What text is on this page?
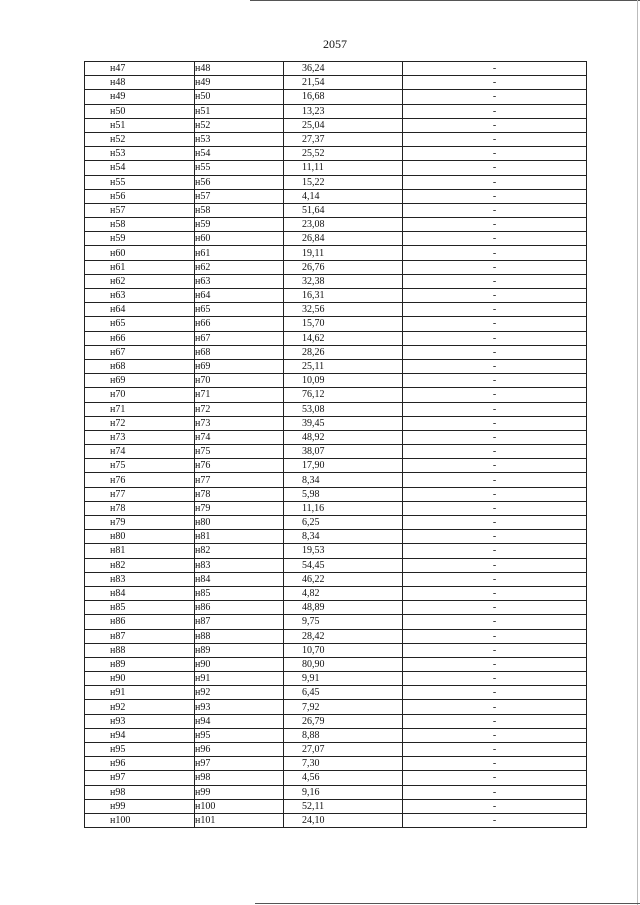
2057
н47	н48	36,24	-
н48	н49	21,54	-
н49	н50	16,68	-
н50	н51	13,23	-
н51	н52	25,04	-
н52	н53	27,37	-
н53	н54	25,52	-
н54	н55	11,11	-
н55	н56	15,22	-
н56	н57	4,14	-
н57	н58	51,64	-
н58	н59	23,08	-
н59	н60	26,84	-
н60	н61	19,11	-
н61	н62	26,76	-
н62	н63	32,38	-
н63	н64	16,31	-
н64	н65	32,56	-
н65	н66	15,70	-
н66	н67	14,62	-
н67	н68	28,26	-
н68	н69	25,11	-
н69	н70	10,09	-
н70	н71	76,12	-
н71	н72	53,08	-
н72	н73	39,45	-
н73	н74	48,92	-
н74	н75	38,07	-
н75	н76	17,90	-
н76	н77	8,34	-
н77	н78	5,98	-
н78	н79	11,16	-
н79	н80	6,25	-
н80	н81	8,34	-
н81	н82	19,53	-
н82	н83	54,45	-
н83	н84	46,22	-
н84	н85	4,82	-
н85	н86	48,89	-
н86	н87	9,75	-
н87	н88	28,42	-
н88	н89	10,70	-
н89	н90	80,90	-
н90	н91	9,91	-
н91	н92	6,45	-
н92	н93	7,92	-
н93	н94	26,79	-
н94	н95	8,88	-
н95	н96	27,07	-
н96	н97	7,30	-
н97	н98	4,56	-
н98	н99	9,16	-
н99	н100	52,11	-
н100	н101	24,10	-
